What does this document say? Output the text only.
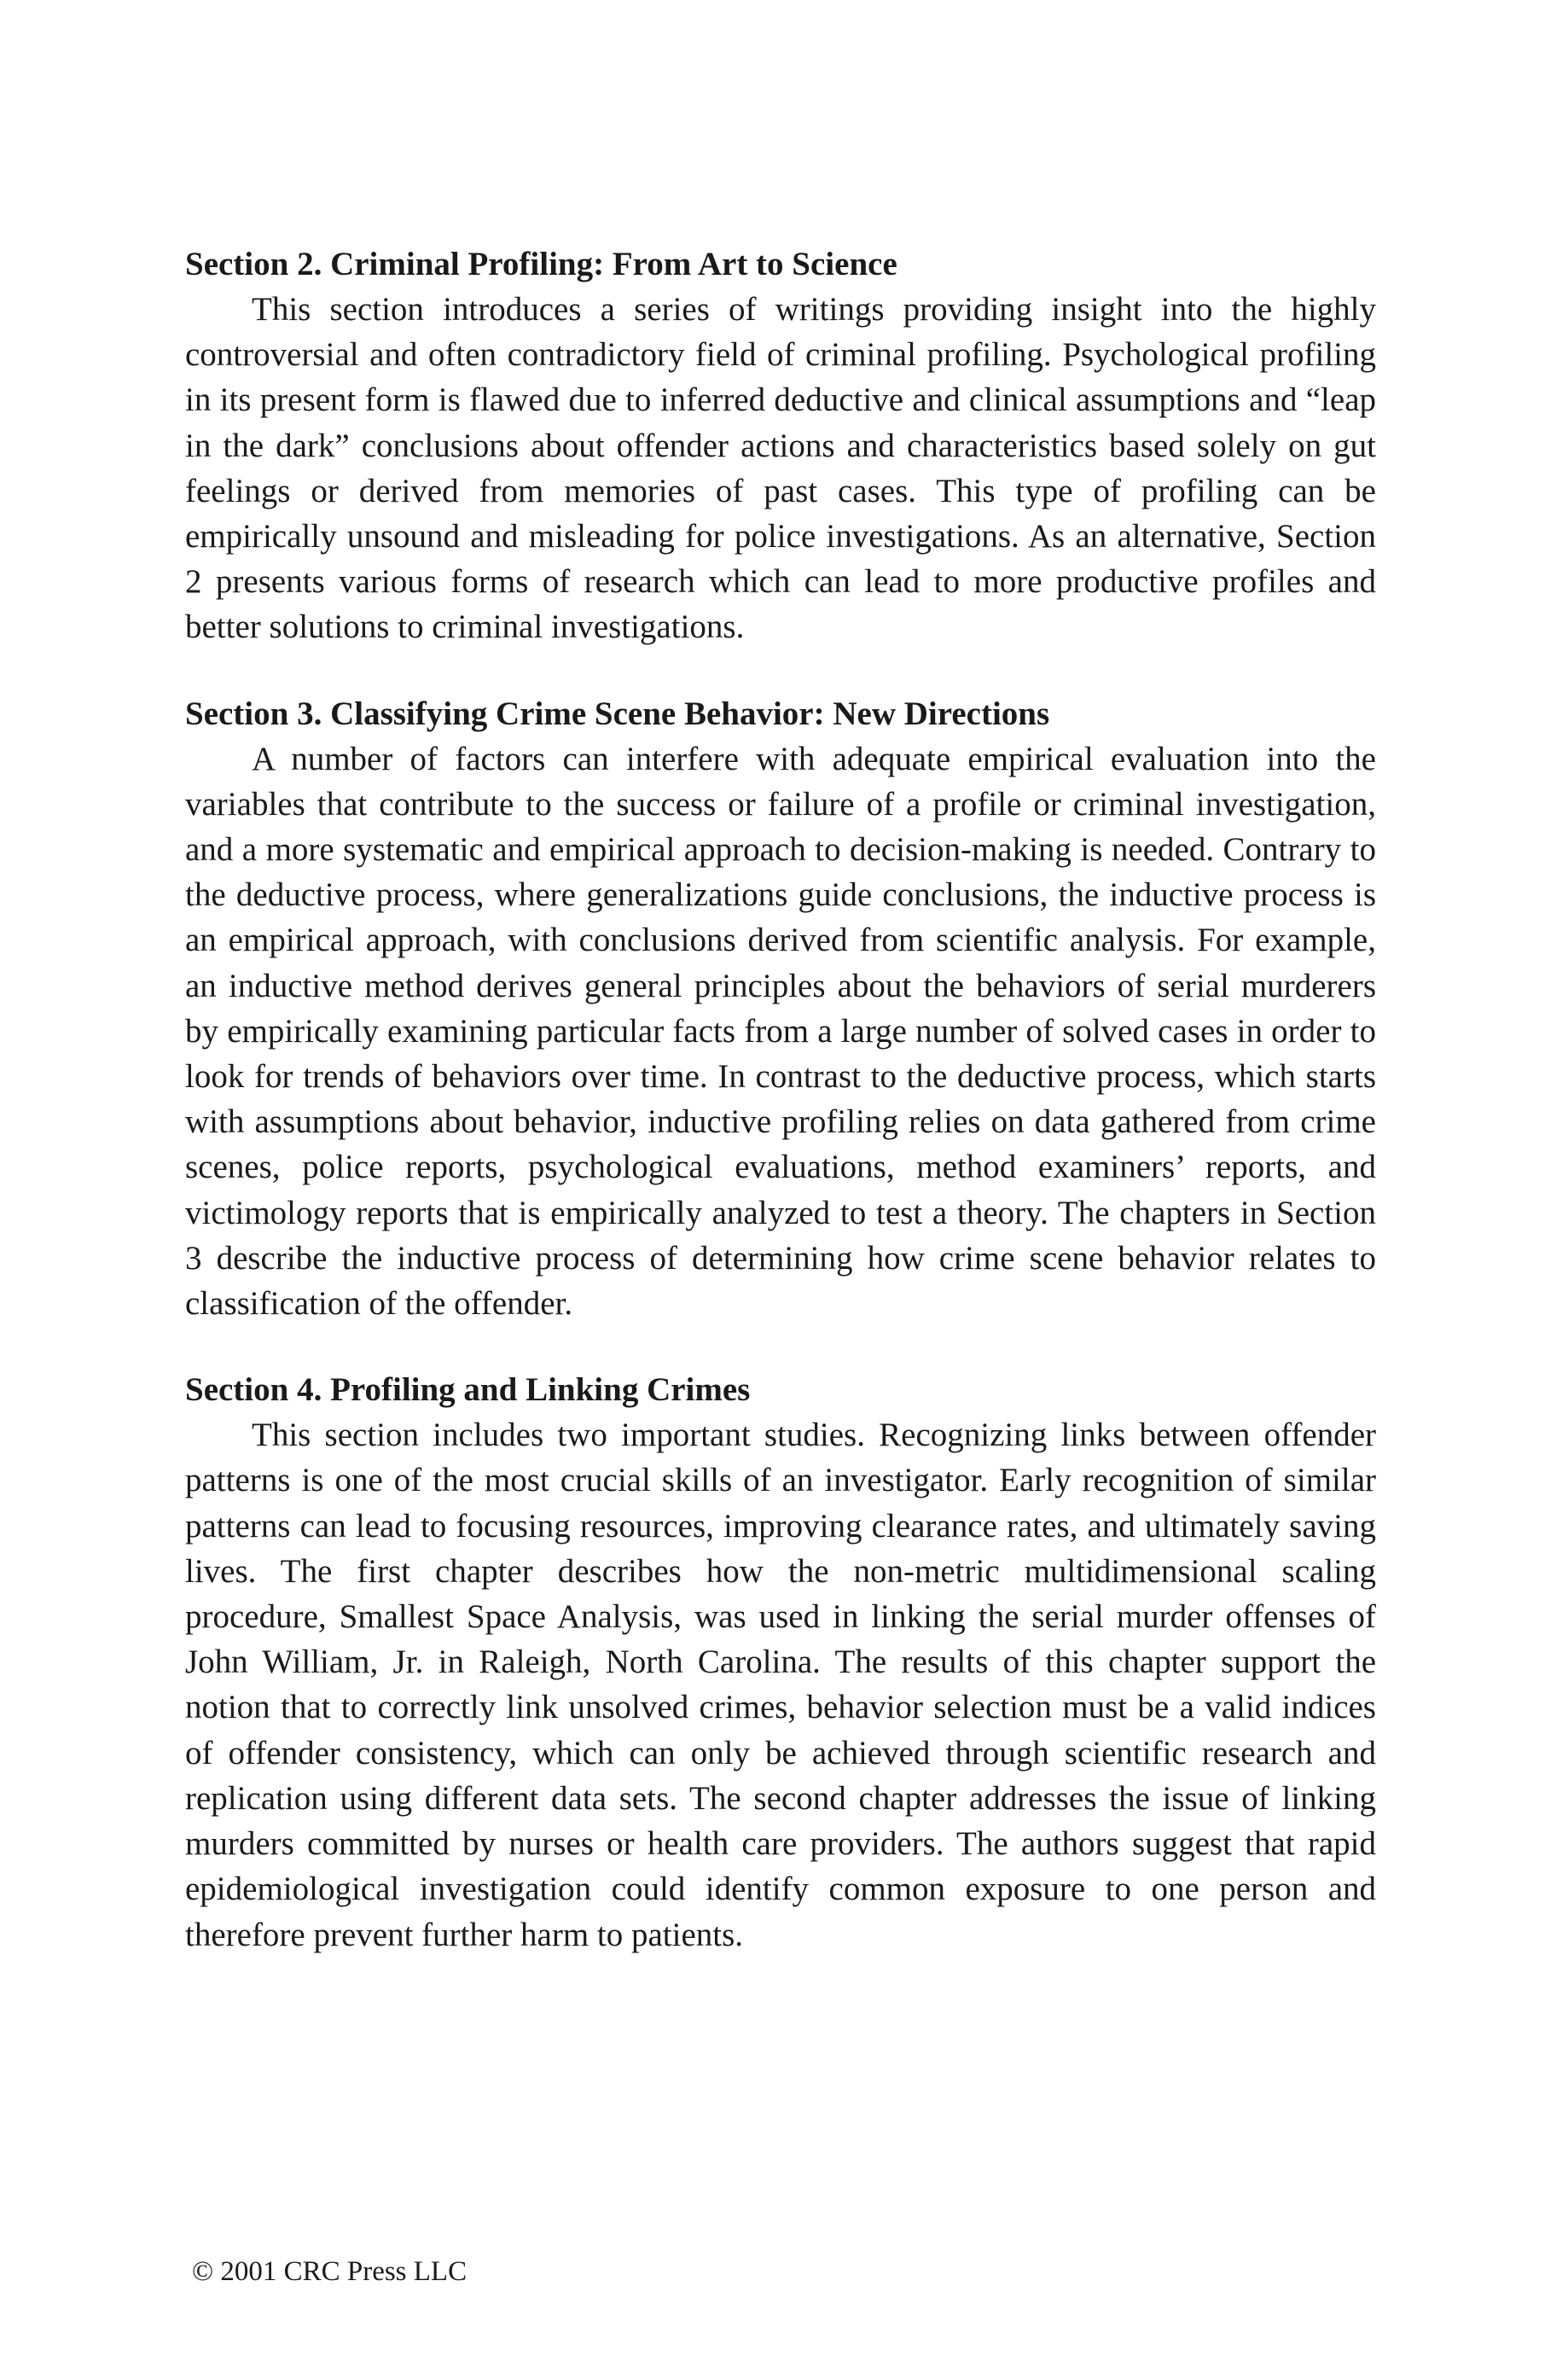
Section 2. Criminal Profiling: From Art to Science

This section introduces a series of writings providing insight into the highly controversial and often contradictory field of criminal profiling. Psychological profiling in its present form is flawed due to inferred deductive and clinical assumptions and “leap in the dark” conclusions about offender actions and characteristics based solely on gut feelings or derived from memories of past cases. This type of profiling can be empirically unsound and misleading for police investigations. As an alternative, Section 2 presents various forms of research which can lead to more productive profiles and better solutions to criminal investigations.

Section 3. Classifying Crime Scene Behavior: New Directions

A number of factors can interfere with adequate empirical evaluation into the variables that contribute to the success or failure of a profile or criminal investigation, and a more systematic and empirical approach to decision-making is needed. Contrary to the deductive process, where generalizations guide conclusions, the inductive process is an empirical approach, with conclusions derived from scientific analysis. For example, an inductive method derives general principles about the behaviors of serial murderers by empirically examining particular facts from a large number of solved cases in order to look for trends of behaviors over time. In contrast to the deductive process, which starts with assumptions about behavior, inductive profiling relies on data gathered from crime scenes, police reports, psychological evaluations, method examiners’ reports, and victimology reports that is empirically analyzed to test a theory. The chapters in Section 3 describe the inductive process of determining how crime scene behavior relates to classification of the offender.

Section 4. Profiling and Linking Crimes

This section includes two important studies. Recognizing links between offender patterns is one of the most crucial skills of an investigator. Early recognition of similar patterns can lead to focusing resources, improving clearance rates, and ultimately saving lives. The first chapter describes how the non-metric multidimensional scaling procedure, Smallest Space Analysis, was used in linking the serial murder offenses of John William, Jr. in Raleigh, North Carolina. The results of this chapter support the notion that to correctly link unsolved crimes, behavior selection must be a valid indices of offender consistency, which can only be achieved through scientific research and replication using different data sets. The second chapter addresses the issue of linking murders committed by nurses or health care providers. The authors suggest that rapid epidemiological investigation could identify common exposure to one person and therefore prevent further harm to patients.

© 2001 CRC Press LLC
